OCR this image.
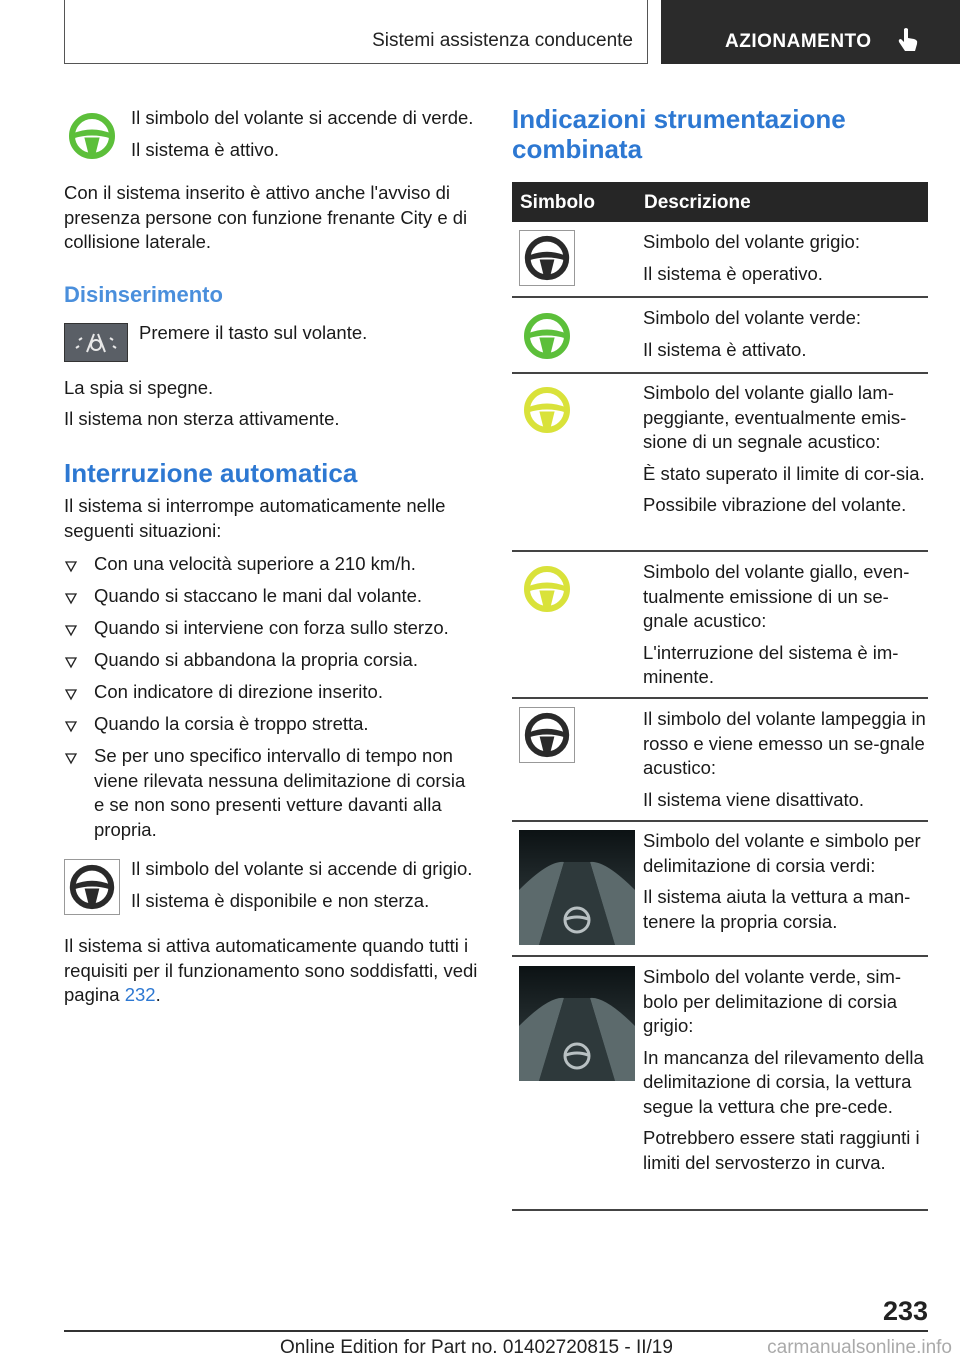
Sistemi assistenza conducente	AZIONAMENTO

Il simbolo del volante si accende di verde.

Il sistema è attivo.

Con il sistema inserito è attivo anche l'avviso di presenza persone con funzione frenante City e di collisione laterale.

Disinserimento

Premere il tasto sul volante.

La spia si spegne.

Il sistema non sterza attivamente.

Interruzione automatica

Il sistema si interrompe automaticamente nelle seguenti situazioni:

Con una velocità superiore a 210 km/h.
Quando si staccano le mani dal volante.
Quando si interviene con forza sullo sterzo.
Quando si abbandona la propria corsia.
Con indicatore di direzione inserito.
Quando la corsia è troppo stretta.
Se per uno specifico intervallo di tempo non viene rilevata nessuna delimitazione di corsia e se non sono presenti vetture davanti alla propria.

Il simbolo del volante si accende di grigio.

Il sistema è disponibile e non sterza.

Il sistema si attiva automaticamente quando tutti i requisiti per il funzionamento sono soddisfatti, vedi pagina 232.

Indicazioni strumentazione combinata

Simbolo	Descrizione

Simbolo del volante grigio:

Il sistema è operativo.

Simbolo del volante verde:

Il sistema è attivato.

Simbolo del volante giallo lam-peggiante, eventualmente emis-sione di un segnale acustico:

È stato superato il limite di cor-sia.

Possibile vibrazione del volante.

Simbolo del volante giallo, even-tualmente emissione di un se-gnale acustico:

L'interruzione del sistema è im-minente.

Il simbolo del volante lampeggia in rosso e viene emesso un se-gnale acustico:

Il sistema viene disattivato.

Simbolo del volante e simbolo per delimitazione di corsia verdi:

Il sistema aiuta la vettura a man-tenere la propria corsia.

Simbolo del volante verde, sim-bolo per delimitazione di corsia grigio:

In mancanza del rilevamento della delimitazione di corsia, la vettura segue la vettura che pre-cede.

Potrebbero essere stati raggiunti i limiti del servosterzo in curva.

233
Online Edition for Part no. 01402720815 - II/19	carmanualsonline.info
